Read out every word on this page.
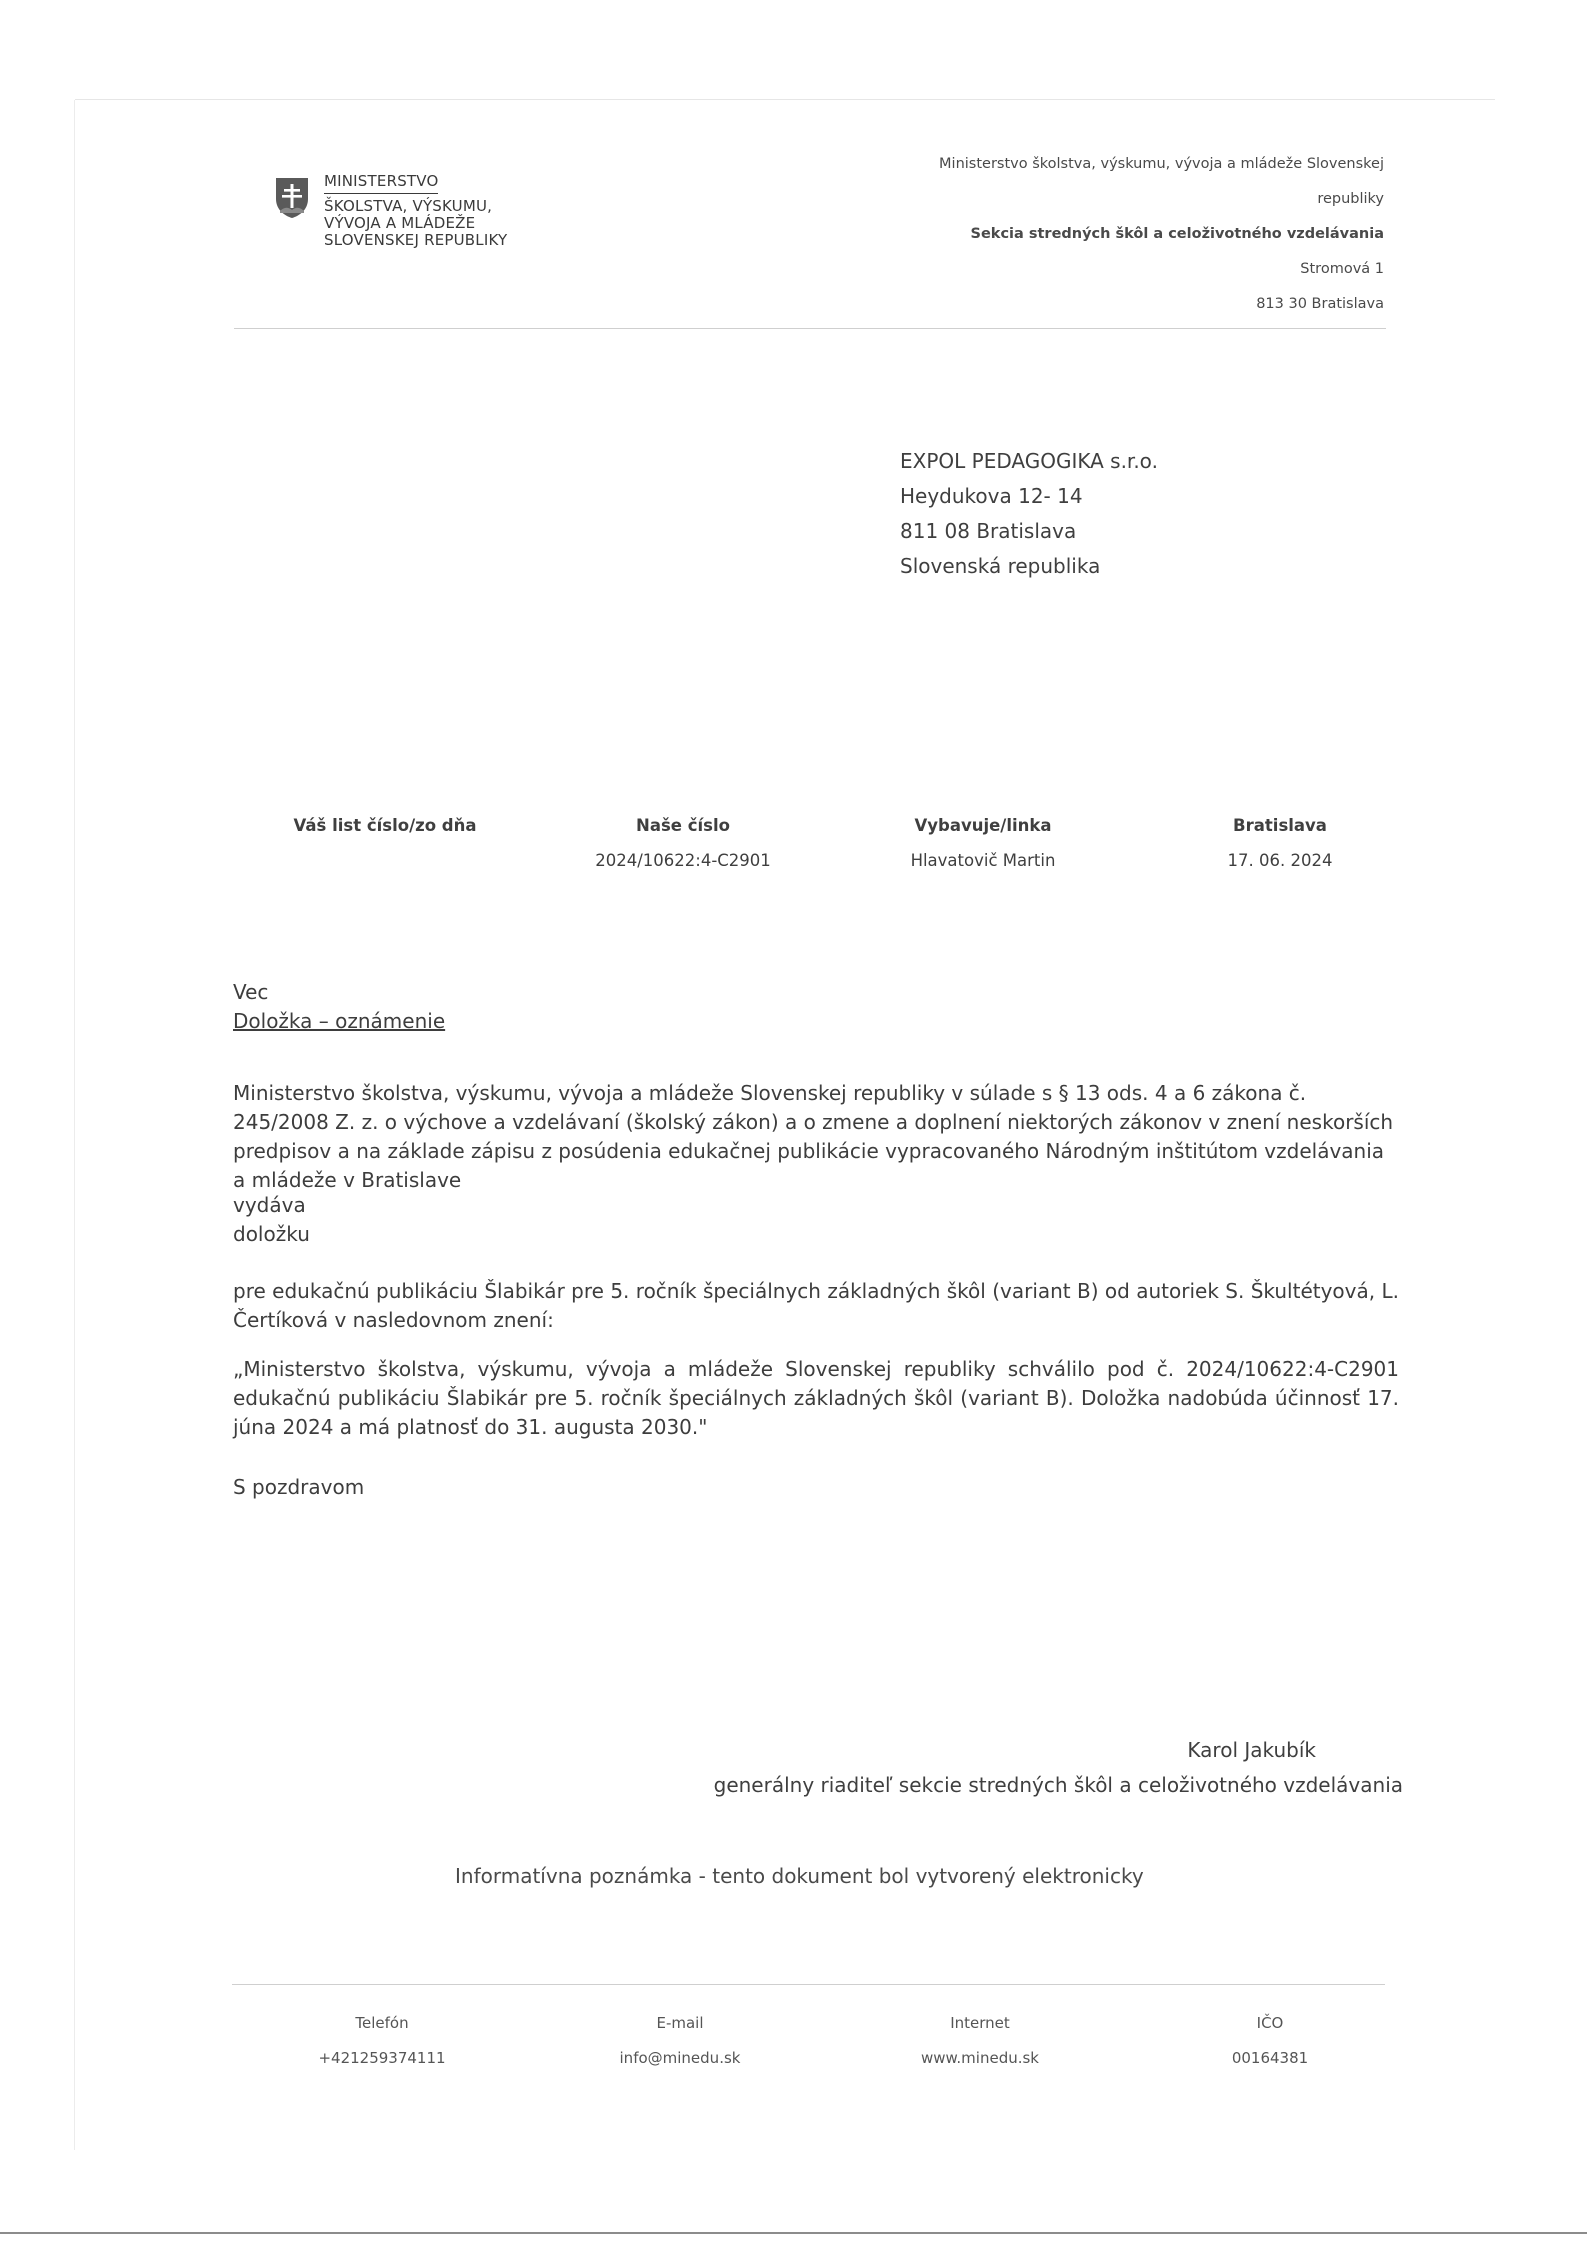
MINISTERSTVO
ŠKOLSTVA, VÝSKUMU,
VÝVOJA A MLÁDEŽE
SLOVENSKEJ REPUBLIKY
Ministerstvo školstva, výskumu, vývoja a mládeže Slovenskej
republiky
Sekcia stredných škôl a celoživotného vzdelávania
Stromová 1
813 30 Bratislava
EXPOL PEDAGOGIKA s.r.o.
Heydukova 12- 14
811 08 Bratislava
Slovenská republika
Váš list číslo/zo dňa	Naše číslo
2024/10622:4-C2901
Vybavuje/linka
Hlavatovič Martin
Bratislava
17. 06. 2024
Vec
Doložka – oznámenie
Ministerstvo školstva, výskumu, vývoja a mládeže Slovenskej republiky v súlade s § 13 ods. 4 a 6 zákona č. 245/2008 Z. z. o výchove a vzdelávaní (školský zákon) a o zmene a doplnení niektorých zákonov v znení neskorších predpisov a na základe zápisu z posúdenia edukačnej publikácie vypracovaného Národným inštitútom vzdelávania a mládeže v Bratislave
vydáva
doložku
pre edukačnú publikáciu Šlabikár pre 5. ročník špeciálnych základných škôl (variant B) od autoriek S. Škultétyová, L. Čertíková v nasledovnom znení:
„Ministerstvo školstva, výskumu, vývoja a mládeže Slovenskej republiky schválilo pod č. 2024/10622:4-C2901 edukačnú publikáciu Šlabikár pre 5. ročník špeciálnych základných škôl (variant B). Doložka nadobúda účinnosť 17. júna 2024 a má platnosť do 31. augusta 2030."
S pozdravom
Karol Jakubík
generálny riaditeľ sekcie stredných škôl a celoživotného vzdelávania
Informatívna poznámka - tento dokument bol vytvorený elektronicky
Telefón
+421259374111
E-mail
info@minedu.sk
Internet
www.minedu.sk
IČO
00164381
